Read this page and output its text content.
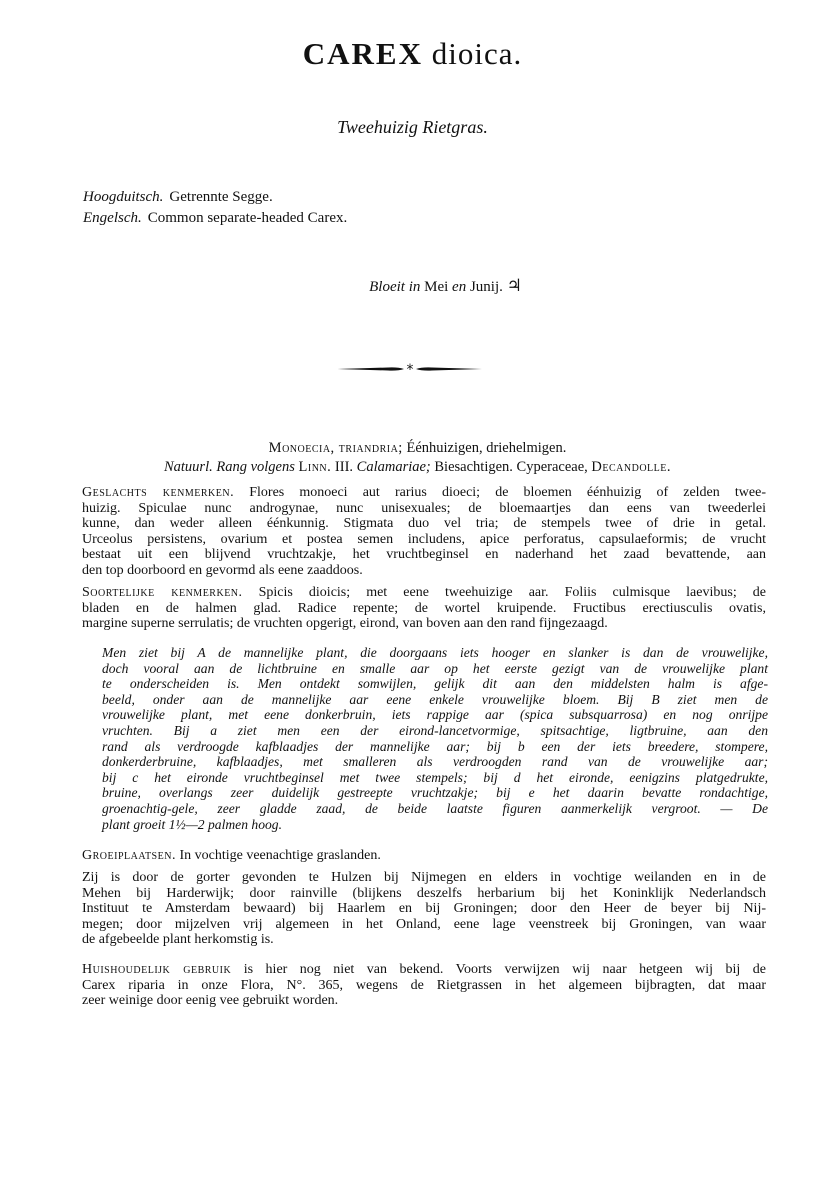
CAREX dioica.
Tweehuizig Rietgras.
Hoogduitsch. Getrennte Segge.
Engelsch. Common separate-headed Carex.
Bloeit in Mei en Junij. ♃
*
Monoecia, triandria; Éénhuizigen, driehelmigen.
Natuurl. Rang volgens Linn. III. Calamariae; Biesachtigen. Cyperaceae, Decandolle.
Geslachts kenmerken. Flores monoeci aut rarius dioeci; de bloemen éénhuizig of zelden twee-
huizig. Spiculae nunc androgynae, nunc unisexuales; de bloemaartjes dan eens van tweederlei
kunne, dan weder alleen éénkunnig. Stigmata duo vel tria; de stempels twee of drie in getal.
Urceolus persistens, ovarium et postea semen includens, apice perforatus, capsulaeformis; de vrucht
bestaat uit een blijvend vruchtzakje, het vruchtbeginsel en naderhand het zaad bevattende, aan
den top doorboord en gevormd als eene zaaddoos.
Soortelijke kenmerken. Spicis dioicis; met eene tweehuizige aar. Foliis culmisque laevibus; de
bladen en de halmen glad. Radice repente; de wortel kruipende. Fructibus erectiusculis ovatis,
margine superne serrulatis; de vruchten opgerigt, eirond, van boven aan den rand fijngezaagd.
Men ziet bij A de mannelijke plant, die doorgaans iets hooger en slanker is dan de vrouwelijke,
doch vooral aan de lichtbruine en smalle aar op het eerste gezigt van de vrouwelijke plant
te onderscheiden is. Men ontdekt somwijlen, gelijk dit aan den middelsten halm is afge-
beeld, onder aan de mannelijke aar eene enkele vrouwelijke bloem. Bij B ziet men de
vrouwelijke plant, met eene donkerbruin, iets rappige aar (spica subsquarrosa) en nog onrijpe
vruchten. Bij a ziet men een der eirond-lancetvormige, spitsachtige, ligtbruine, aan den
rand als verdroogde kafblaadjes der mannelijke aar; bij b een der iets breedere, stompere,
donkerderbruine, kafblaadjes, met smalleren als verdroogden rand van de vrouwelijke aar;
bij c het eironde vruchtbeginsel met twee stempels; bij d het eironde, eenigzins platgedrukte,
bruine, overlangs zeer duidelijk gestreepte vruchtzakje; bij e het daarin bevatte rondachtige,
groenachtig-gele, zeer gladde zaad, de beide laatste figuren aanmerkelijk vergroot. — De
plant groeit 1½—2 palmen hoog.
Groeiplaatsen. In vochtige veenachtige graslanden.
Zij is door de gorter gevonden te Hulzen bij Nijmegen en elders in vochtige weilanden en in de
Mehen bij Harderwijk; door rainville (blijkens deszelfs herbarium bij het Koninklijk Nederlandsch
Instituut te Amsterdam bewaard) bij Haarlem en bij Groningen; door den Heer de beyer bij Nij-
megen; door mijzelven vrij algemeen in het Onland, eene lage veenstreek bij Groningen, van waar
de afgebeelde plant herkomstig is.
Huishoudelijk gebruik is hier nog niet van bekend. Voorts verwijzen wij naar hetgeen wij bij de
Carex riparia in onze Flora, N°. 365, wegens de Rietgrassen in het algemeen bijbragten, dat maar
zeer weinige door eenig vee gebruikt worden.
